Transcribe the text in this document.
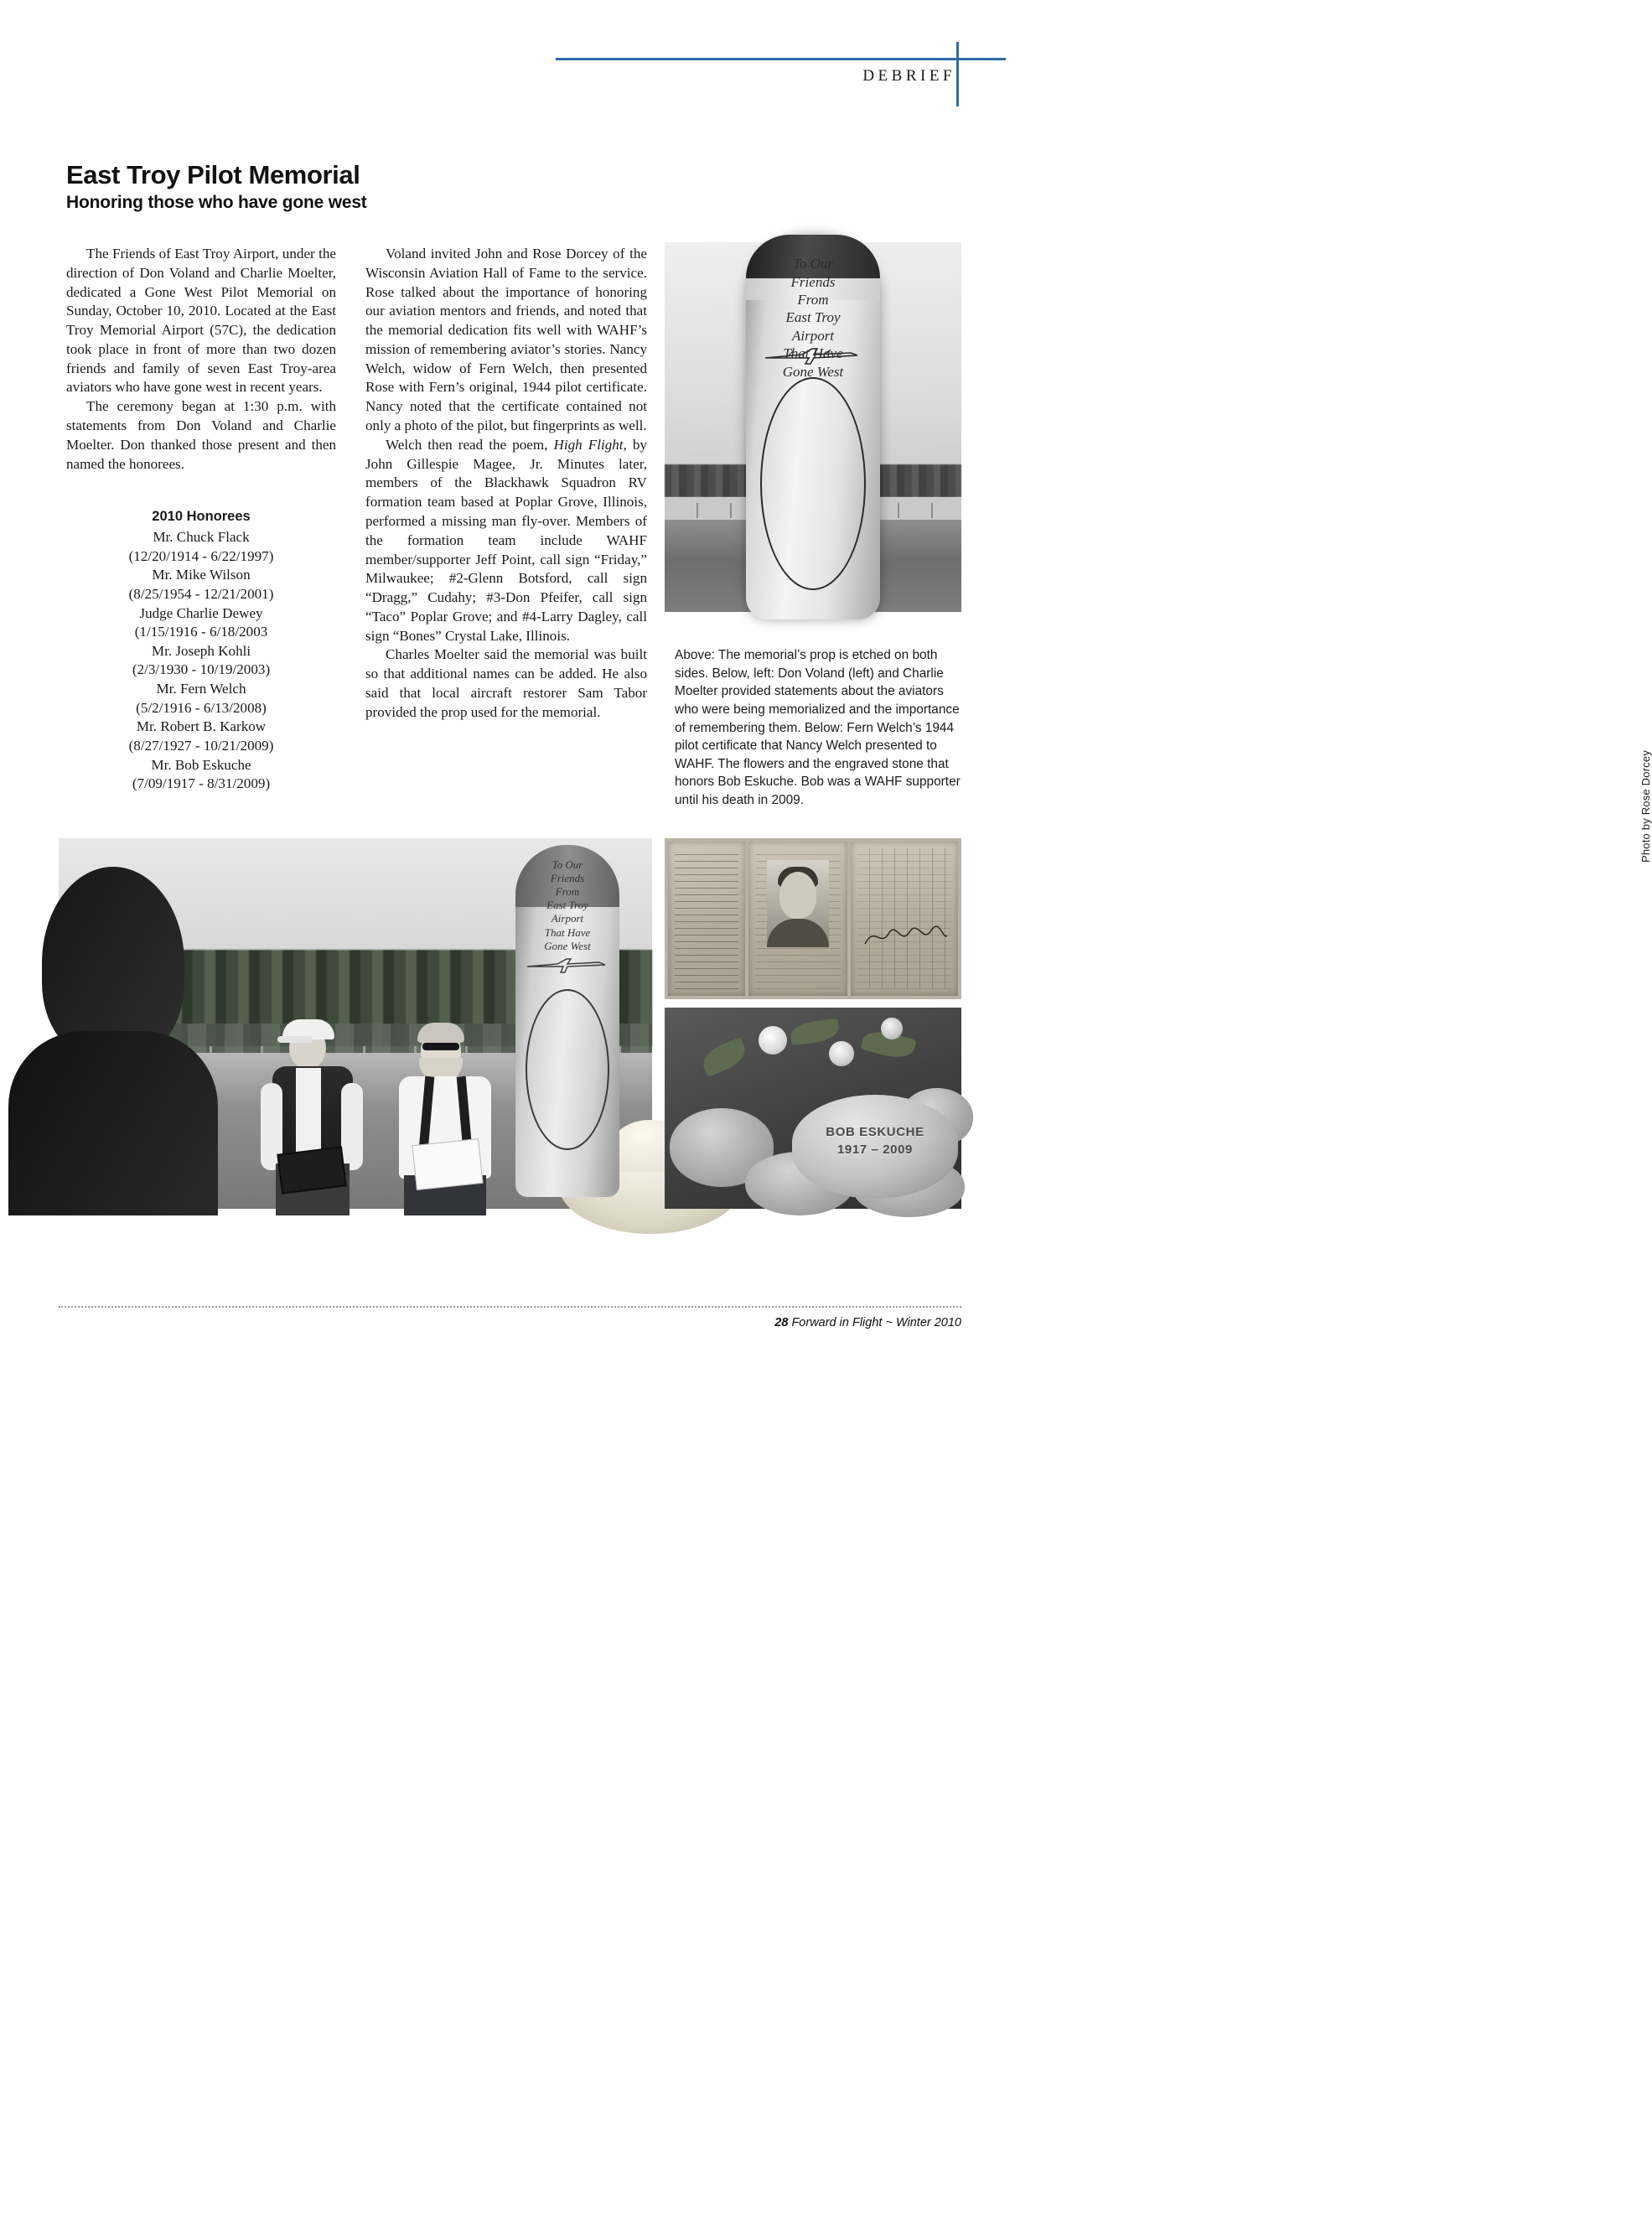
DEBRIEF
East Troy Pilot Memorial
Honoring those who have gone west

The Friends of East Troy Airport, under the direction of Don Voland and Charlie Moelter, dedicated a Gone West Pilot Memorial on Sunday, October 10, 2010. Located at the East Troy Memorial Airport (57C), the dedication took place in front of more than two dozen friends and family of seven East Troy-area aviators who have gone west in recent years.

The ceremony began at 1:30 p.m. with statements from Don Voland and Charlie Moelter. Don thanked those present and then named the honorees.

2010 Honorees
Mr. Chuck Flack
(12/20/1914 - 6/22/1997)
Mr. Mike Wilson
(8/25/1954 - 12/21/2001)
Judge Charlie Dewey
(1/15/1916 - 6/18/2003
Mr. Joseph Kohli
(2/3/1930 - 10/19/2003)
Mr. Fern Welch
(5/2/1916 - 6/13/2008)
Mr. Robert B. Karkow
(8/27/1927 - 10/21/2009)
Mr. Bob Eskuche
(7/09/1917 - 8/31/2009)

Voland invited John and Rose Dorcey of the Wisconsin Aviation Hall of Fame to the service. Rose talked about the importance of honoring our aviation mentors and friends, and noted that the memorial dedication fits well with WAHF’s mission of remembering aviator’s stories. Nancy Welch, widow of Fern Welch, then presented Rose with Fern’s original, 1944 pilot certificate. Nancy noted that the certificate contained not only a photo of the pilot, but fingerprints as well.

Welch then read the poem, High Flight, by John Gillespie Magee, Jr. Minutes later, members of the Blackhawk Squadron RV formation team based at Poplar Grove, Illinois, performed a missing man fly-over. Members of the formation team include WAHF member/supporter Jeff Point, call sign “Friday,” Milwaukee; #2-Glenn Botsford, call sign “Dragg,” Cudahy; #3-Don Pfeifer, call sign “Taco” Poplar Grove; and #4-Larry Dagley, call sign “Bones” Crystal Lake, Illinois.

Charles Moelter said the memorial was built so that additional names can be added. He also said that local aircraft restorer Sam Tabor provided the prop used for the memorial.

To Our
Friends
From
East Troy
Airport
That Have
Gone West
Photo by Rose Dorcey
Above: The memorial’s prop is etched on both sides. Below, left: Don Voland (left) and Charlie Moelter provided statements about the aviators who were being memorialized and the importance of remembering them. Below: Fern Welch’s 1944 pilot certificate that Nancy Welch presented to WAHF. The flowers and the engraved stone that honors Bob Eskuche. Bob was a WAHF supporter until his death in 2009.
To Our
Friends
From
East Troy
Airport
That Have
Gone West
Photo by Rich Fischler
BOB ESKUCHE
1917 – 2009
Photo by Rose Dorcey
28 Forward in Flight ~ Winter 2010
